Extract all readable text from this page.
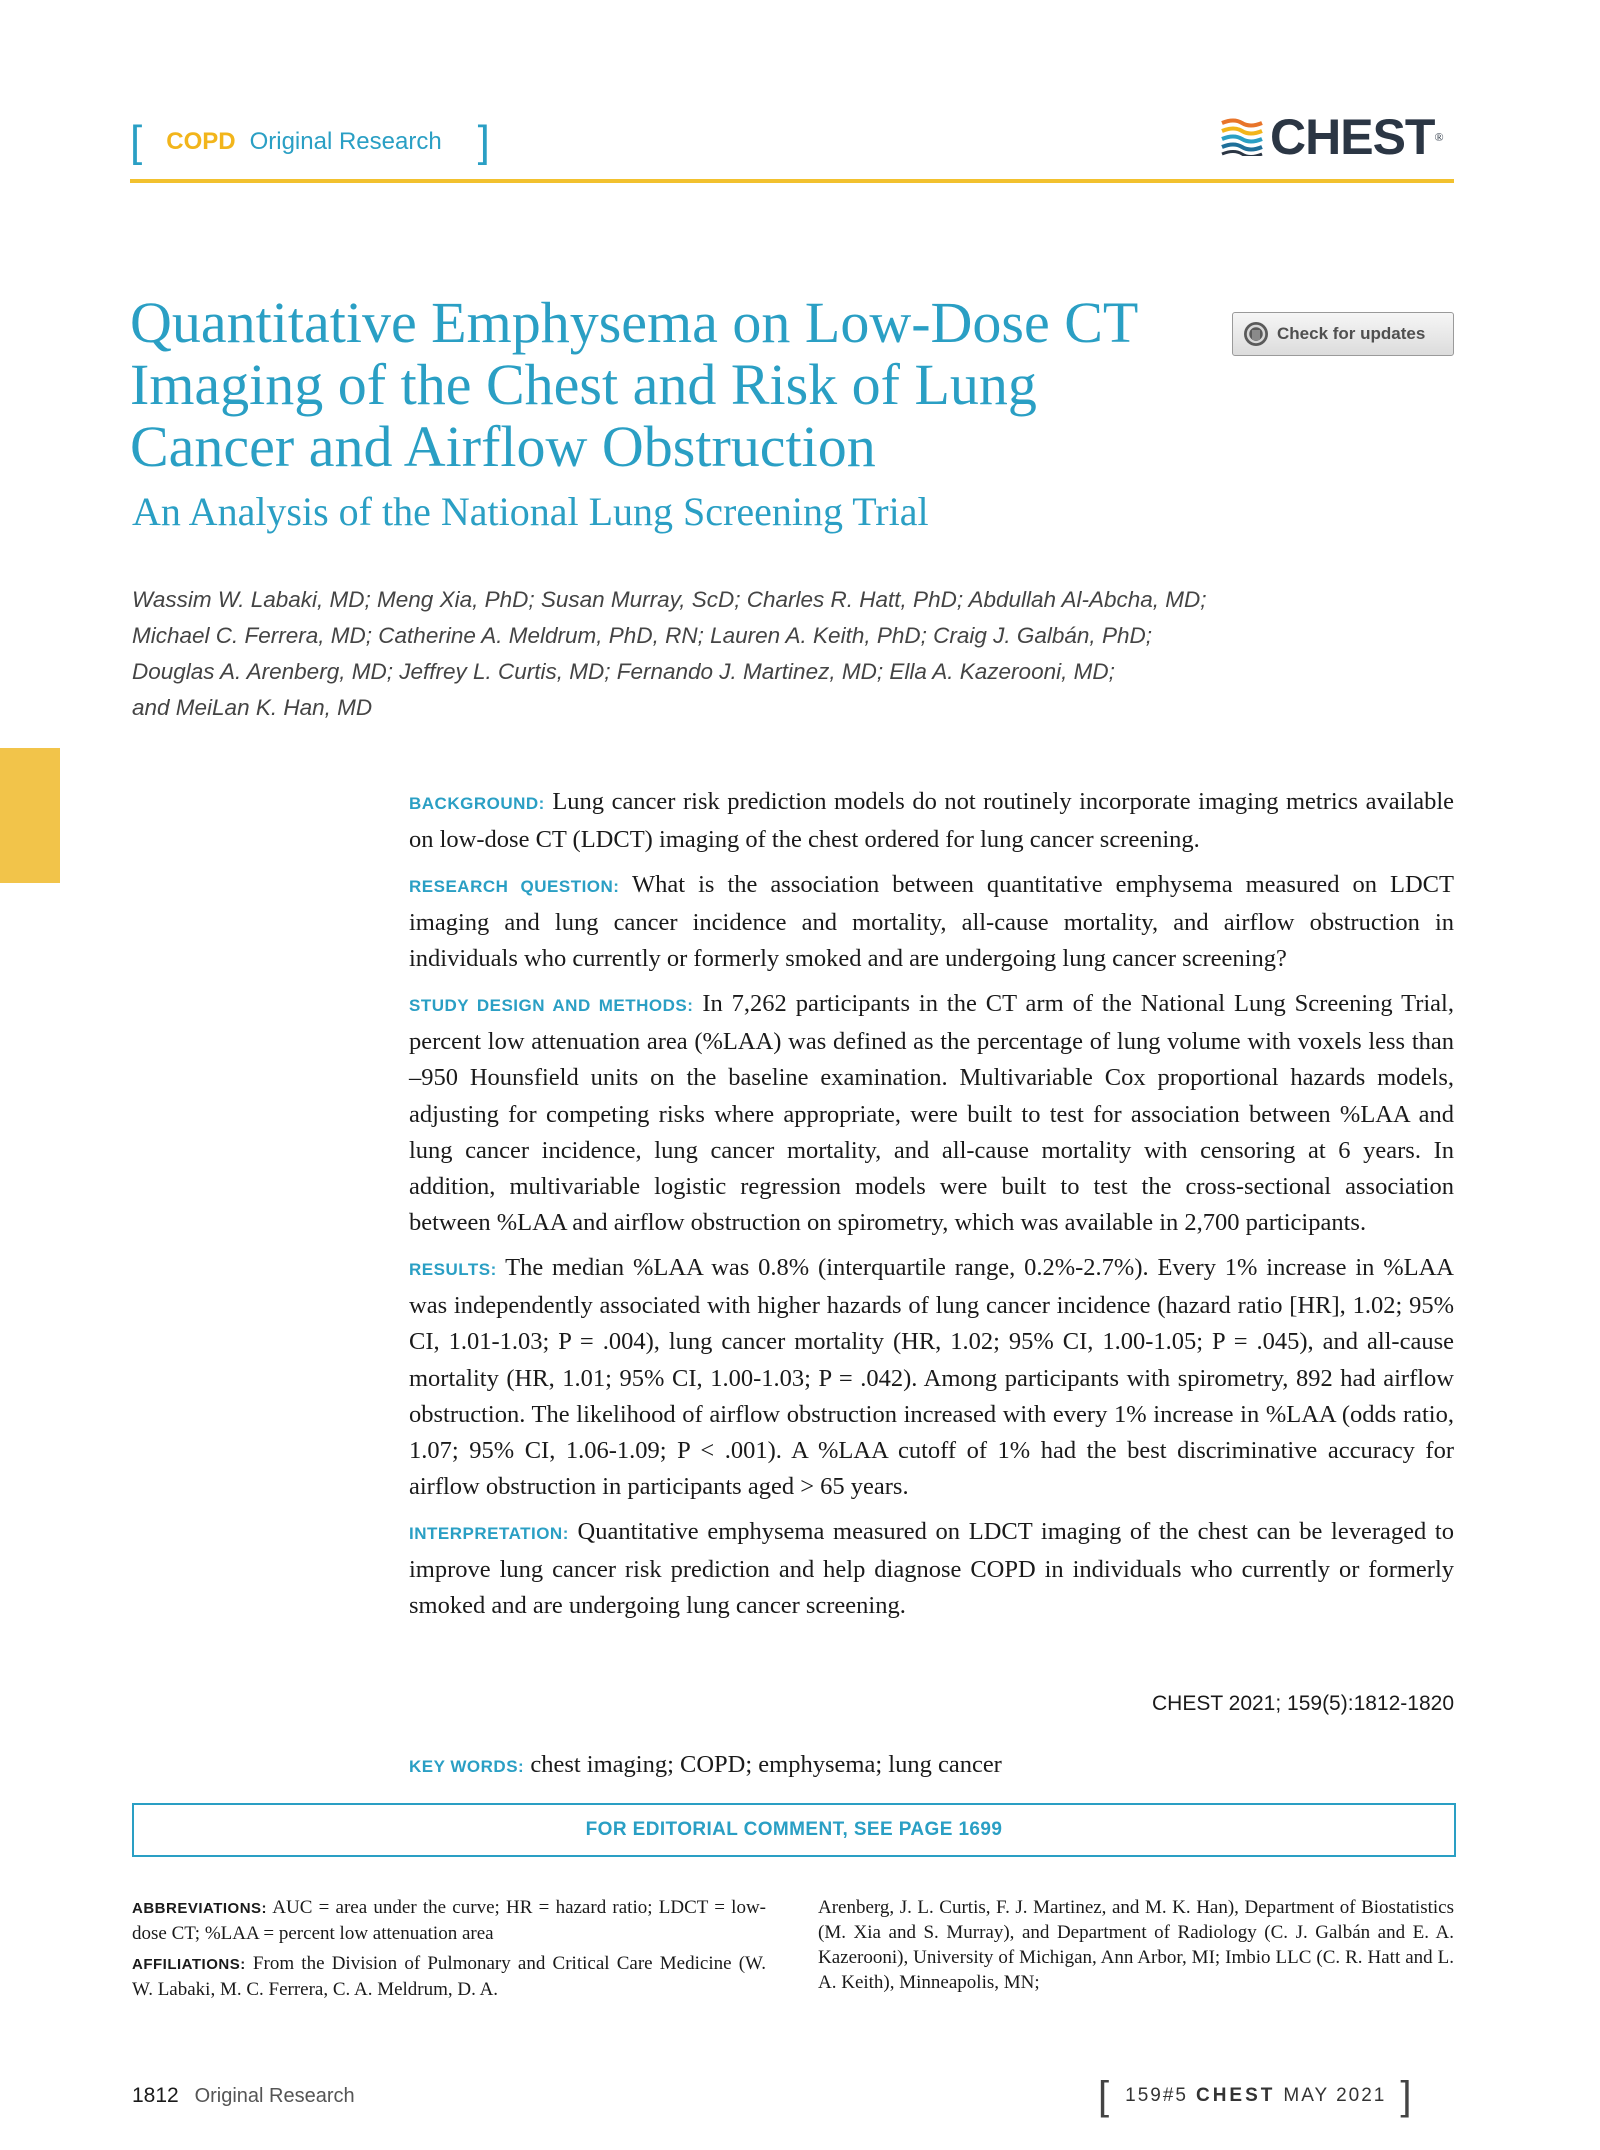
[ COPD Original Research ]	CHEST ®
Quantitative Emphysema on Low-Dose CT
Imaging of the Chest and Risk of Lung
Cancer and Airflow Obstruction
An Analysis of the National Lung Screening Trial
Check for updates
Wassim W. Labaki, MD; Meng Xia, PhD; Susan Murray, ScD; Charles R. Hatt, PhD; Abdullah Al-Abcha, MD;
Michael C. Ferrera, MD; Catherine A. Meldrum, PhD, RN; Lauren A. Keith, PhD; Craig J. Galbán, PhD;
Douglas A. Arenberg, MD; Jeffrey L. Curtis, MD; Fernando J. Martinez, MD; Ella A. Kazerooni, MD;
and MeiLan K. Han, MD

BACKGROUND: Lung cancer risk prediction models do not routinely incorporate imaging metrics available on low-dose CT (LDCT) imaging of the chest ordered for lung cancer screening.

RESEARCH QUESTION: What is the association between quantitative emphysema measured on LDCT imaging and lung cancer incidence and mortality, all-cause mortality, and airflow obstruction in individuals who currently or formerly smoked and are undergoing lung cancer screening?

STUDY DESIGN AND METHODS: In 7,262 participants in the CT arm of the National Lung Screening Trial, percent low attenuation area (%LAA) was defined as the percentage of lung volume with voxels less than –950 Hounsfield units on the baseline examination. Multivariable Cox proportional hazards models, adjusting for competing risks where appropriate, were built to test for association between %LAA and lung cancer incidence, lung cancer mortality, and all-cause mortality with censoring at 6 years. In addition, multivariable logistic regression models were built to test the cross-sectional association between %LAA and airflow obstruction on spirometry, which was available in 2,700 participants.

RESULTS: The median %LAA was 0.8% (interquartile range, 0.2%-2.7%). Every 1% increase in %LAA was independently associated with higher hazards of lung cancer incidence (hazard ratio [HR], 1.02; 95% CI, 1.01-1.03; P = .004), lung cancer mortality (HR, 1.02; 95% CI, 1.00-1.05; P = .045), and all-cause mortality (HR, 1.01; 95% CI, 1.00-1.03; P = .042). Among participants with spirometry, 892 had airflow obstruction. The likelihood of airflow obstruction increased with every 1% increase in %LAA (odds ratio, 1.07; 95% CI, 1.06-1.09; P < .001). A %LAA cutoff of 1% had the best discriminative accuracy for airflow obstruction in participants aged > 65 years.

INTERPRETATION: Quantitative emphysema measured on LDCT imaging of the chest can be leveraged to improve lung cancer risk prediction and help diagnose COPD in individuals who currently or formerly smoked and are undergoing lung cancer screening.

CHEST 2021; 159(5):1812-1820
KEY WORDS: chest imaging; COPD; emphysema; lung cancer
FOR EDITORIAL COMMENT, SEE PAGE 1699

ABBREVIATIONS: AUC = area under the curve; HR = hazard ratio; LDCT = low-dose CT; %LAA = percent low attenuation area

AFFILIATIONS: From the Division of Pulmonary and Critical Care Medicine (W. W. Labaki, M. C. Ferrera, C. A. Meldrum, D. A.

Arenberg, J. L. Curtis, F. J. Martinez, and M. K. Han), Department of Biostatistics (M. Xia and S. Murray), and Department of Radiology (C. J. Galbán and E. A. Kazerooni), University of Michigan, Ann Arbor, MI; Imbio LLC (C. R. Hatt and L. A. Keith), Minneapolis, MN;
1812 Original Research	[ 159#5 CHEST MAY 2021 ]
